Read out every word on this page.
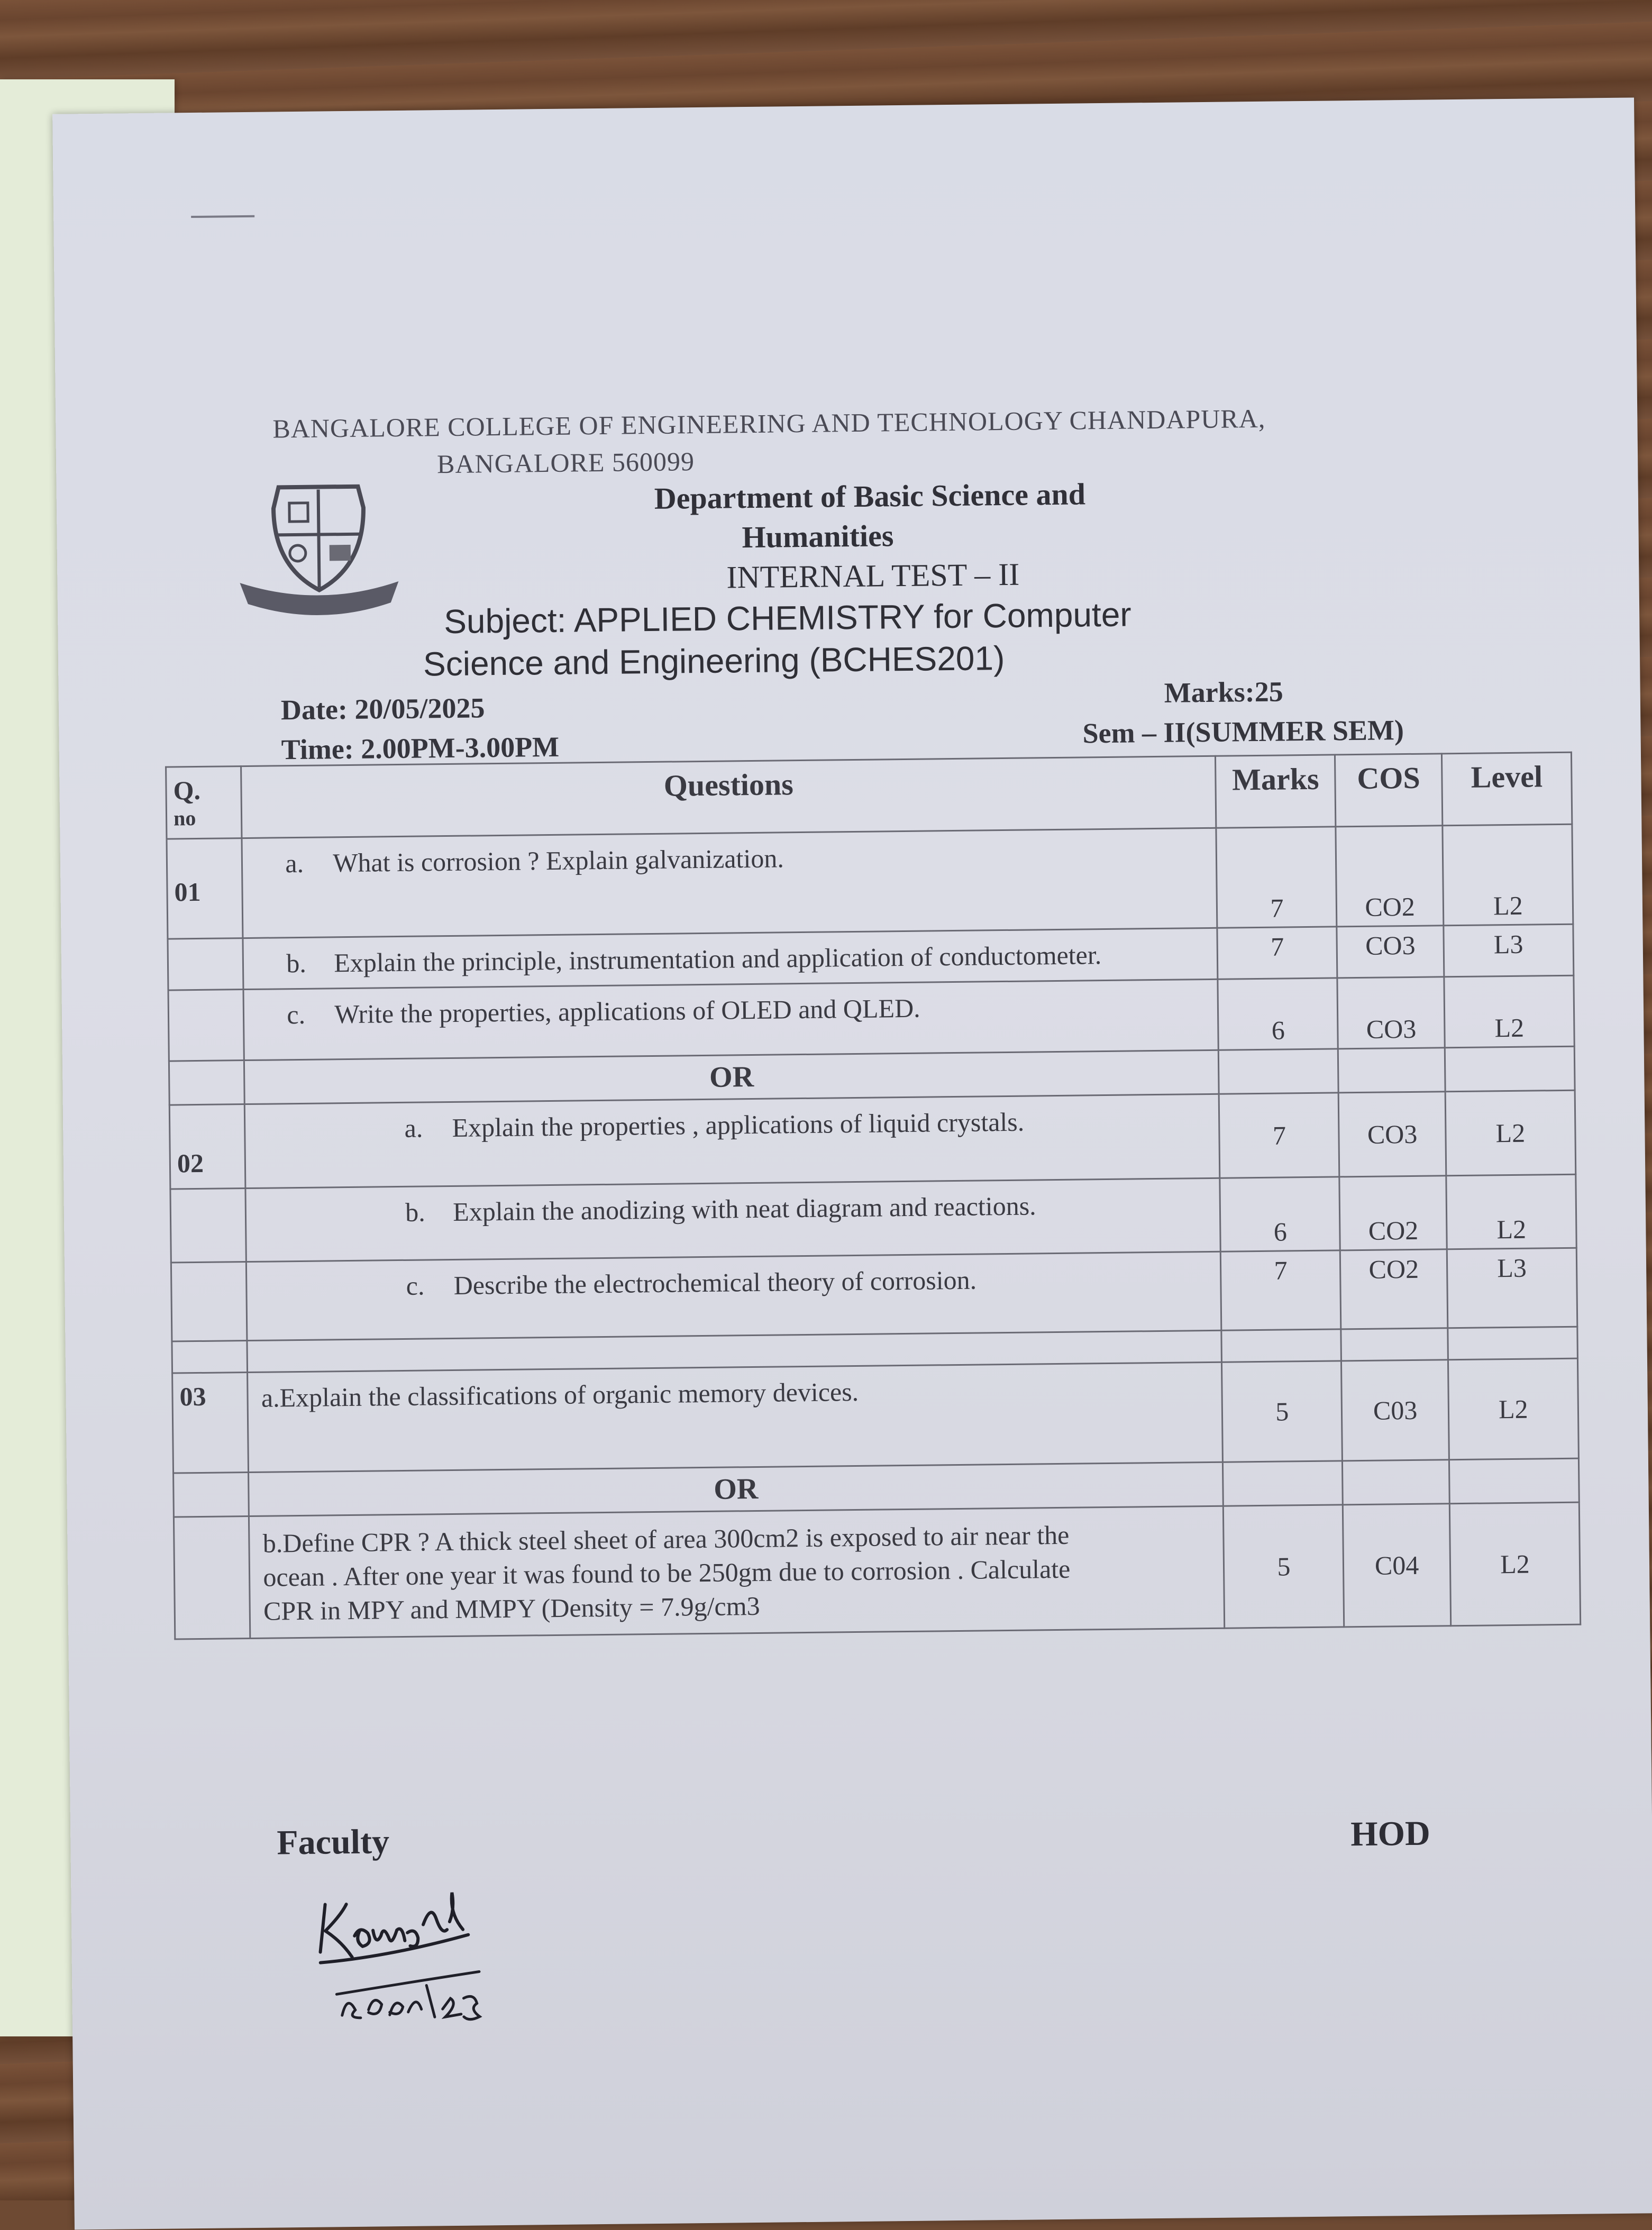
BANGALORE COLLEGE OF ENGINEERING AND TECHNOLOGY CHANDAPURA,
BANGALORE 560099
Department of Basic Science and
Humanities
INTERNAL TEST – II
Subject: APPLIED CHEMISTRY for Computer
Science and Engineering (BCHES201)
Date: 20/05/2025
Time: 2.00PM-3.00PM
Marks:25
Sem – II(SUMMER SEM)
Q.
no	Questions	Marks	COS	Level
01	a. What is corrosion ? Explain galvanization.	7	CO2	L2
	b. Explain the principle, instrumentation and application of conductometer.	7	CO3	L3
	c. Write the properties, applications of OLED and QLED.	6	CO3	L2
	OR			
02	a. Explain the properties , applications of liquid crystals.	7	CO3	L2
	b. Explain the anodizing with neat diagram and reactions.	6	CO2	L2
	c. Describe the electrochemical theory of corrosion.	7	CO2	L3

03	a.Explain the classifications of organic memory devices.	5	C03	L2
	OR			

	b.Define CPR ? A thick steel sheet of area 300cm2 is exposed to air near the
ocean . After one year it was found to be 250gm due to corrosion . Calculate
CPR in MPY and MMPY (Density = 7.9g/cm3	5	C04	L2
Faculty	HOD
